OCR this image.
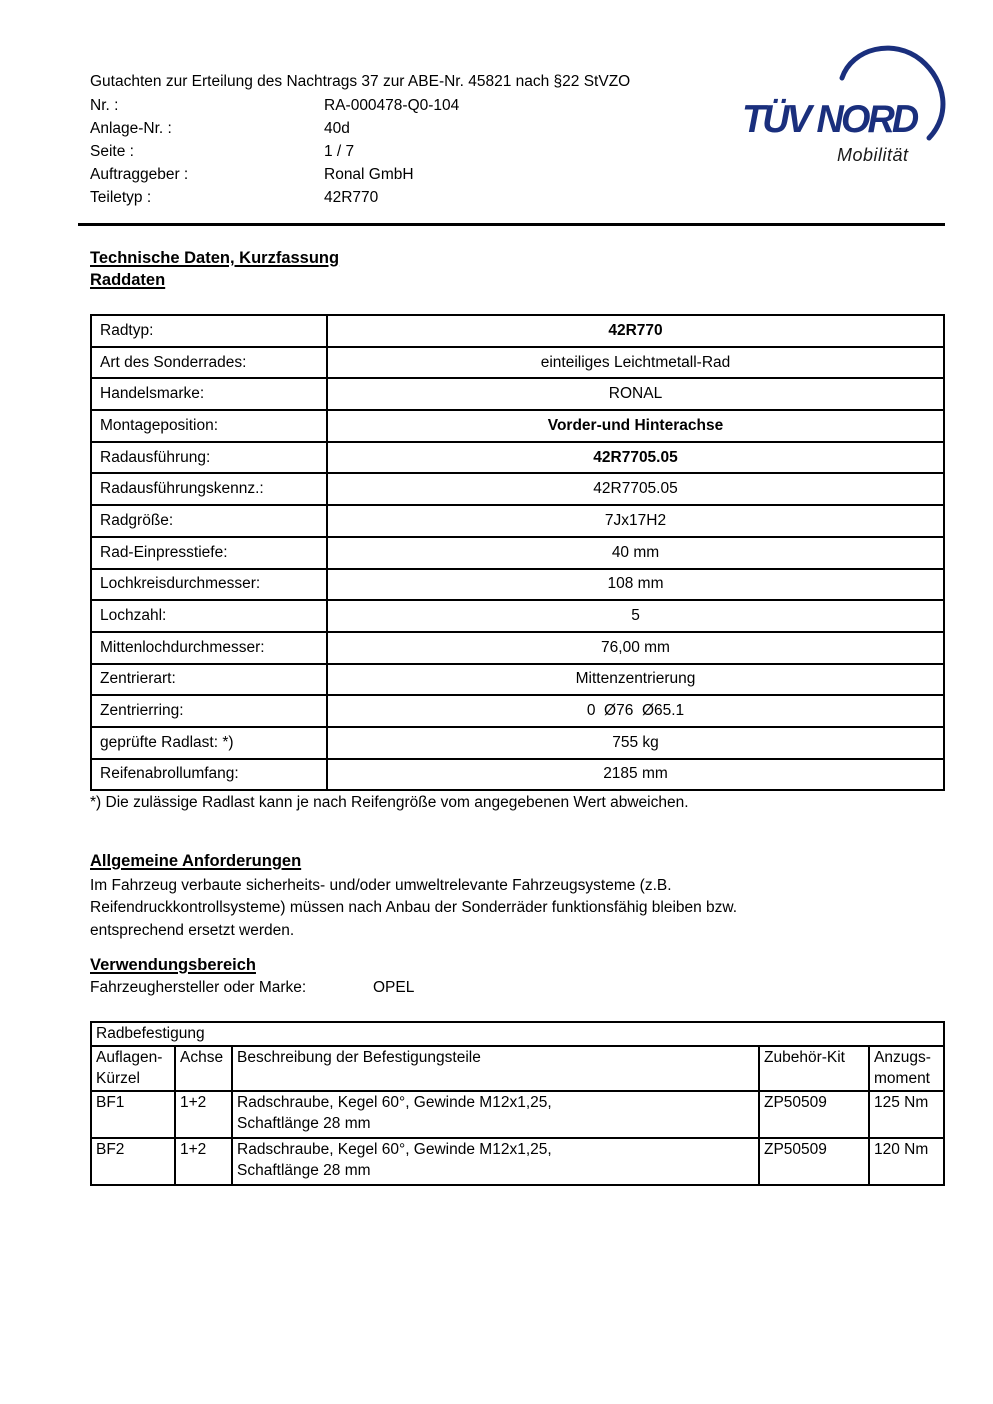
Gutachten zur Erteilung des Nachtrags 37 zur ABE-Nr. 45821 nach §22 StVZO
Nr. :	RA-000478-Q0-104
Anlage-Nr. :	40d
Seite :	1 / 7
Auftraggeber :	Ronal GmbH
Teiletyp :	42R770
TÜV NORD
Mobilität
Technische Daten, Kurzfassung
Raddaten
Radtyp:	42R770
Art des Sonderrades:	einteiliges Leichtmetall-Rad
Handelsmarke:	RONAL
Montageposition:	Vorder-und Hinterachse
Radausführung:	42R7705.05
Radausführungskennz.:	42R7705.05
Radgröße:	7Jx17H2
Rad-Einpresstiefe:	40 mm
Lochkreisdurchmesser:	108 mm
Lochzahl:	5
Mittenlochdurchmesser:	76,00 mm
Zentrierart:	Mittenzentrierung
Zentrierring:	0  Ø76  Ø65.1
geprüfte Radlast: *)	755 kg
Reifenabrollumfang:	2185 mm
*) Die zulässige Radlast kann je nach Reifengröße vom angegebenen Wert abweichen.
Allgemeine Anforderungen
Im Fahrzeug verbaute sicherheits- und/oder umweltrelevante Fahrzeugsysteme (z.B.
Reifendruckkontrollsysteme) müssen nach Anbau der Sonderräder funktionsfähig bleiben bzw.
entsprechend ersetzt werden.
Verwendungsbereich
Fahrzeughersteller oder Marke:	OPEL
Radbefestigung				
Auflagen-Kürzel	Achse	Beschreibung der Befestigungsteile	Zubehör-Kit	Anzugs-moment
BF1	1+2	Radschraube, Kegel 60°, Gewinde M12x1,25,
Schaftlänge 28 mm	ZP50509	125 Nm
BF2	1+2	Radschraube, Kegel 60°, Gewinde M12x1,25,
Schaftlänge 28 mm	ZP50509	120 Nm
